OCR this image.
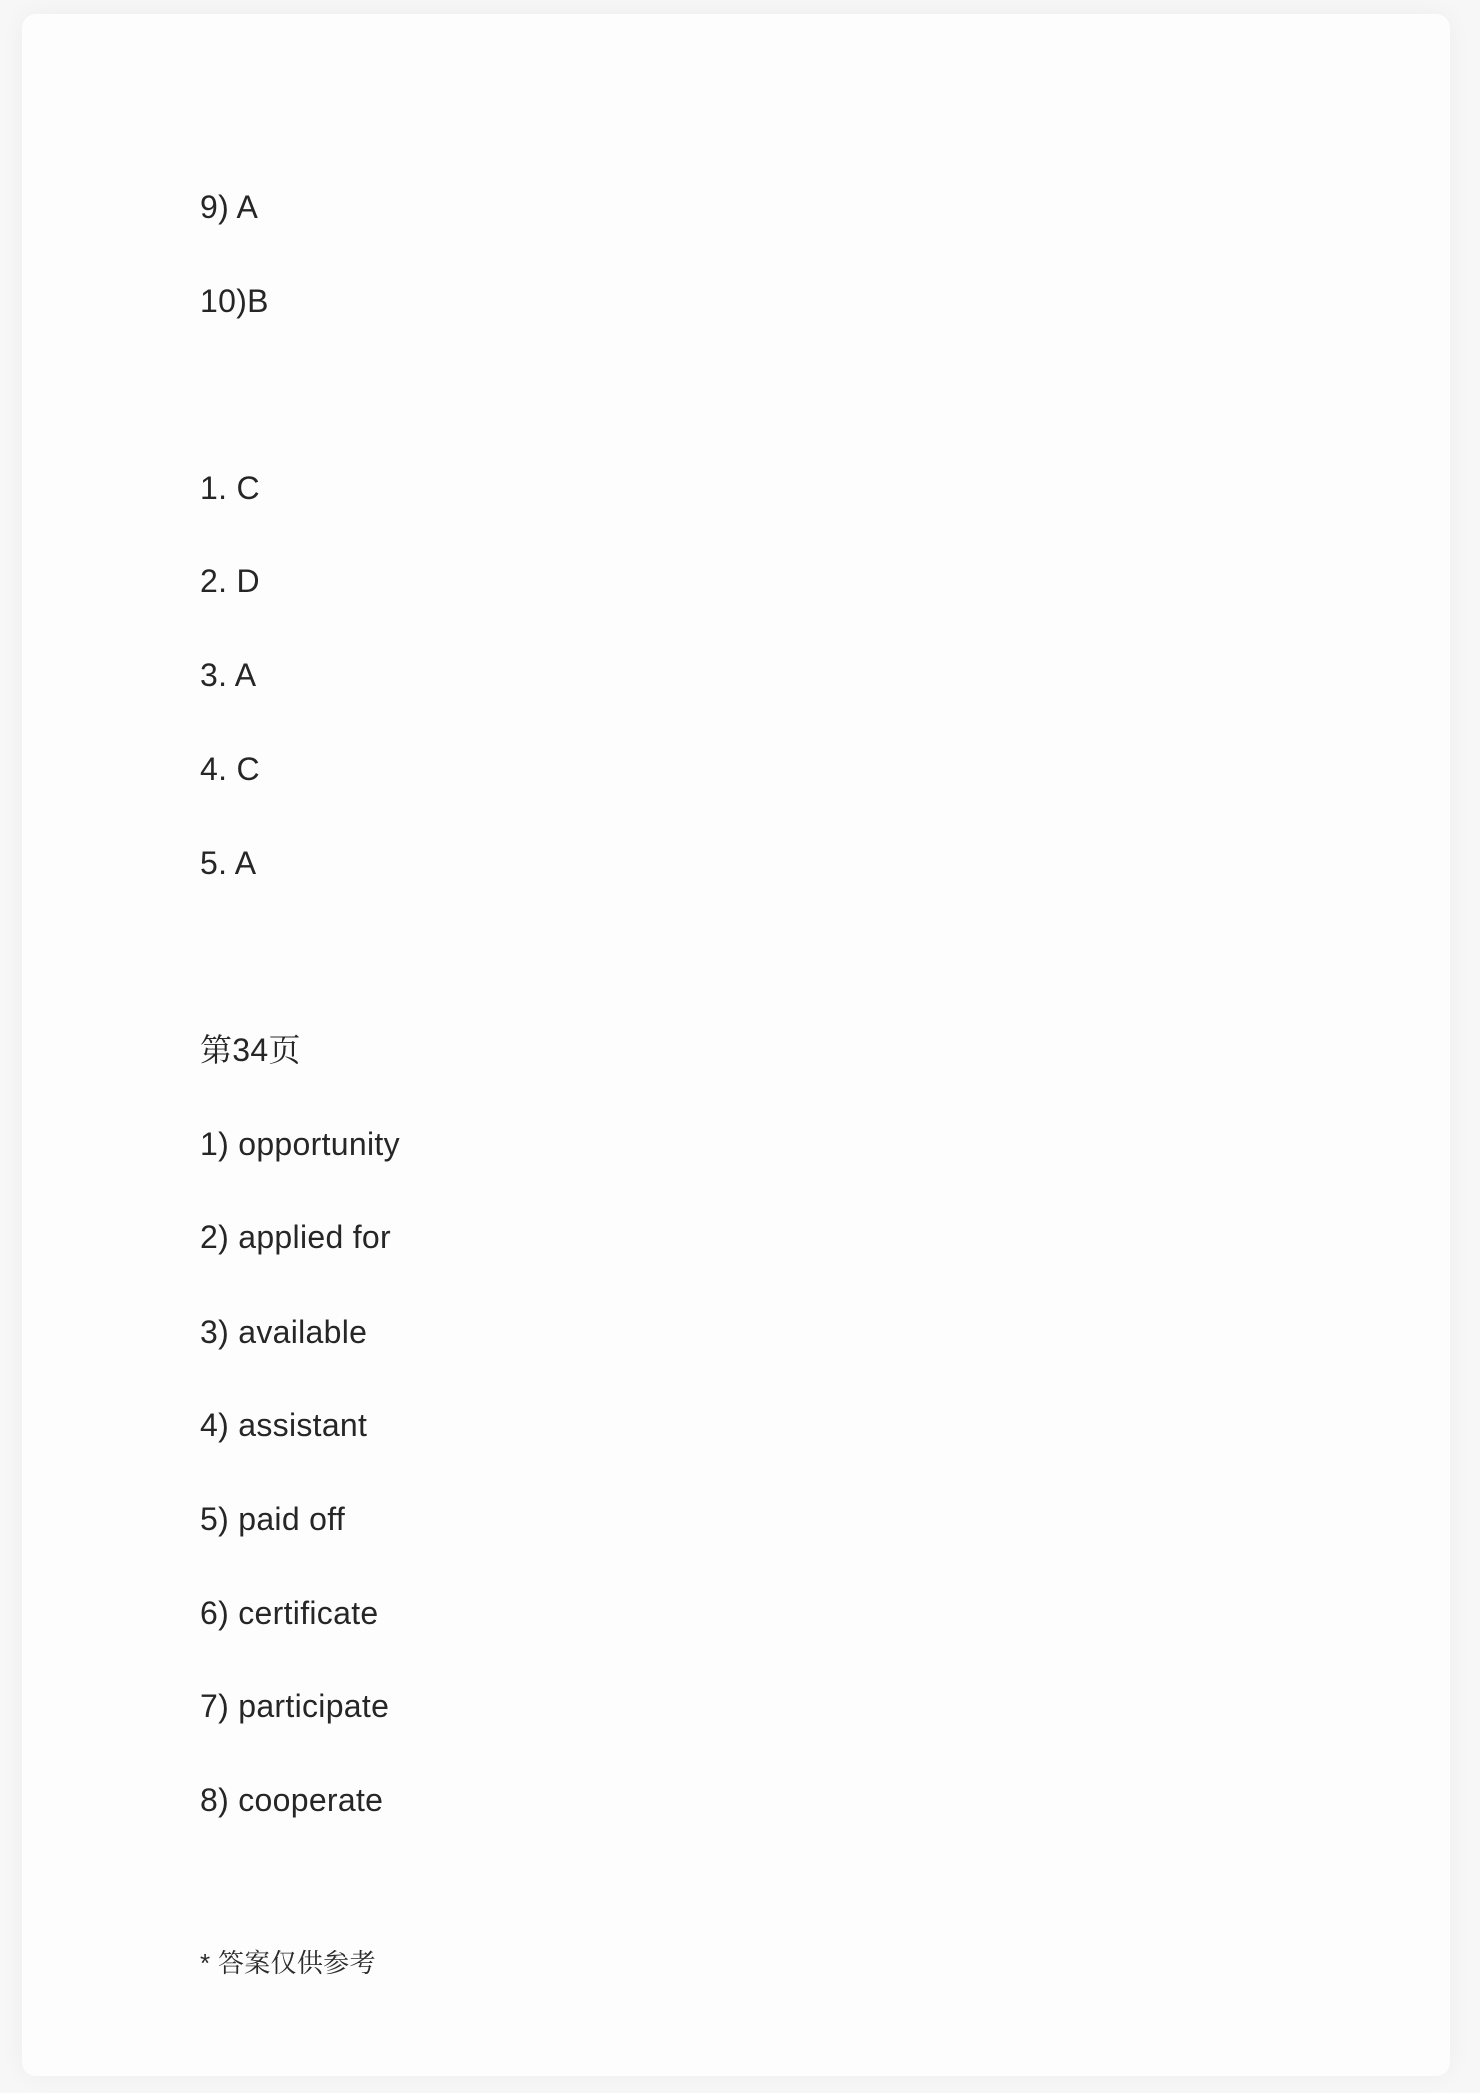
9) A
10)B
1. C
2. D
3. A
4. C
5. A
第34页
1) opportunity
2) applied for
3) available
4) assistant
5) paid off
6) certificate
7) participate
8) cooperate
* 答案仅供参考
